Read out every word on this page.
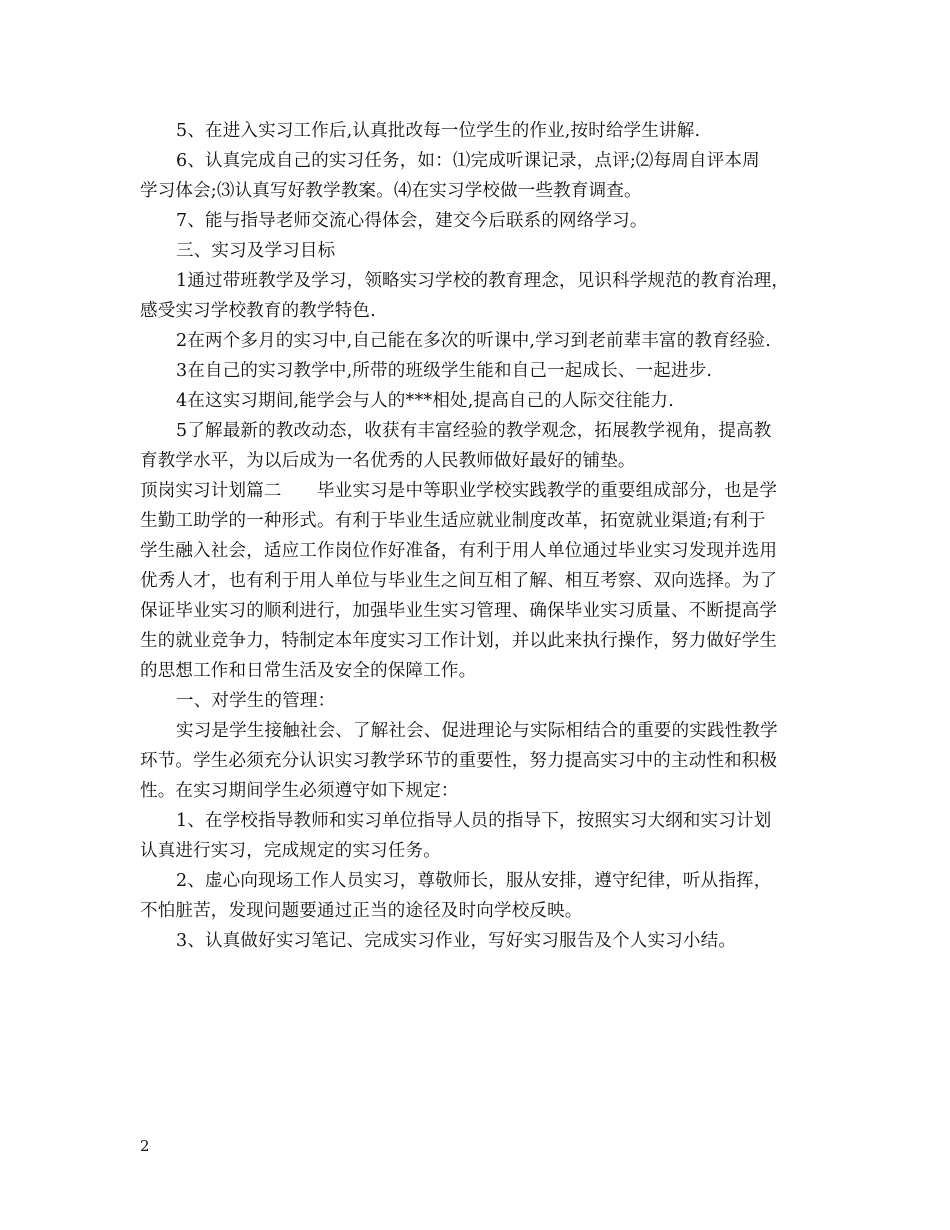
5、在进入实习工作后,认真批改每一位学生的作业,按时给学生讲解.

6、认真完成自己的实习任务，如：⑴完成听课记录，点评;⑵每周自评本周

学习体会;⑶认真写好教学教案。⑷在实习学校做一些教育调查。

7、能与指导老师交流心得体会，建交今后联系的网络学习。

三、实习及学习目标

1通过带班教学及学习，领略实习学校的教育理念，见识科学规范的教育治理，

感受实习学校教育的教学特色.

2在两个多月的实习中,自己能在多次的听课中,学习到老前辈丰富的教育经验.

3在自己的实习教学中,所带的班级学生能和自己一起成长、一起进步.

4在这实习期间,能学会与人的***相处,提高自己的人际交往能力.

5了解最新的教改动态，收获有丰富经验的教学观念，拓展教学视角，提高教

育教学水平，为以后成为一名优秀的人民教师做好最好的铺垫。

顶岗实习计划篇二　　毕业实习是中等职业学校实践教学的重要组成部分，也是学

生勤工助学的一种形式。有利于毕业生适应就业制度改革，拓宽就业渠道;有利于

学生融入社会，适应工作岗位作好准备，有利于用人单位通过毕业实习发现并选用

优秀人才，也有利于用人单位与毕业生之间互相了解、相互考察、双向选择。为了

保证毕业实习的顺利进行，加强毕业生实习管理、确保毕业实习质量、不断提高学

生的就业竞争力，特制定本年度实习工作计划，并以此来执行操作，努力做好学生

的思想工作和日常生活及安全的保障工作。

一、对学生的管理：

实习是学生接触社会、了解社会、促进理论与实际相结合的重要的实践性教学

环节。学生必须充分认识实习教学环节的重要性，努力提高实习中的主动性和积极

性。在实习期间学生必须遵守如下规定：

1、在学校指导教师和实习单位指导人员的指导下，按照实习大纲和实习计划

认真进行实习，完成规定的实习任务。

2、虚心向现场工作人员实习，尊敬师长，服从安排，遵守纪律，听从指挥，

不怕脏苦，发现问题要通过正当的途径及时向学校反映。

3、认真做好实习笔记、完成实习作业，写好实习服告及个人实习小结。

2
